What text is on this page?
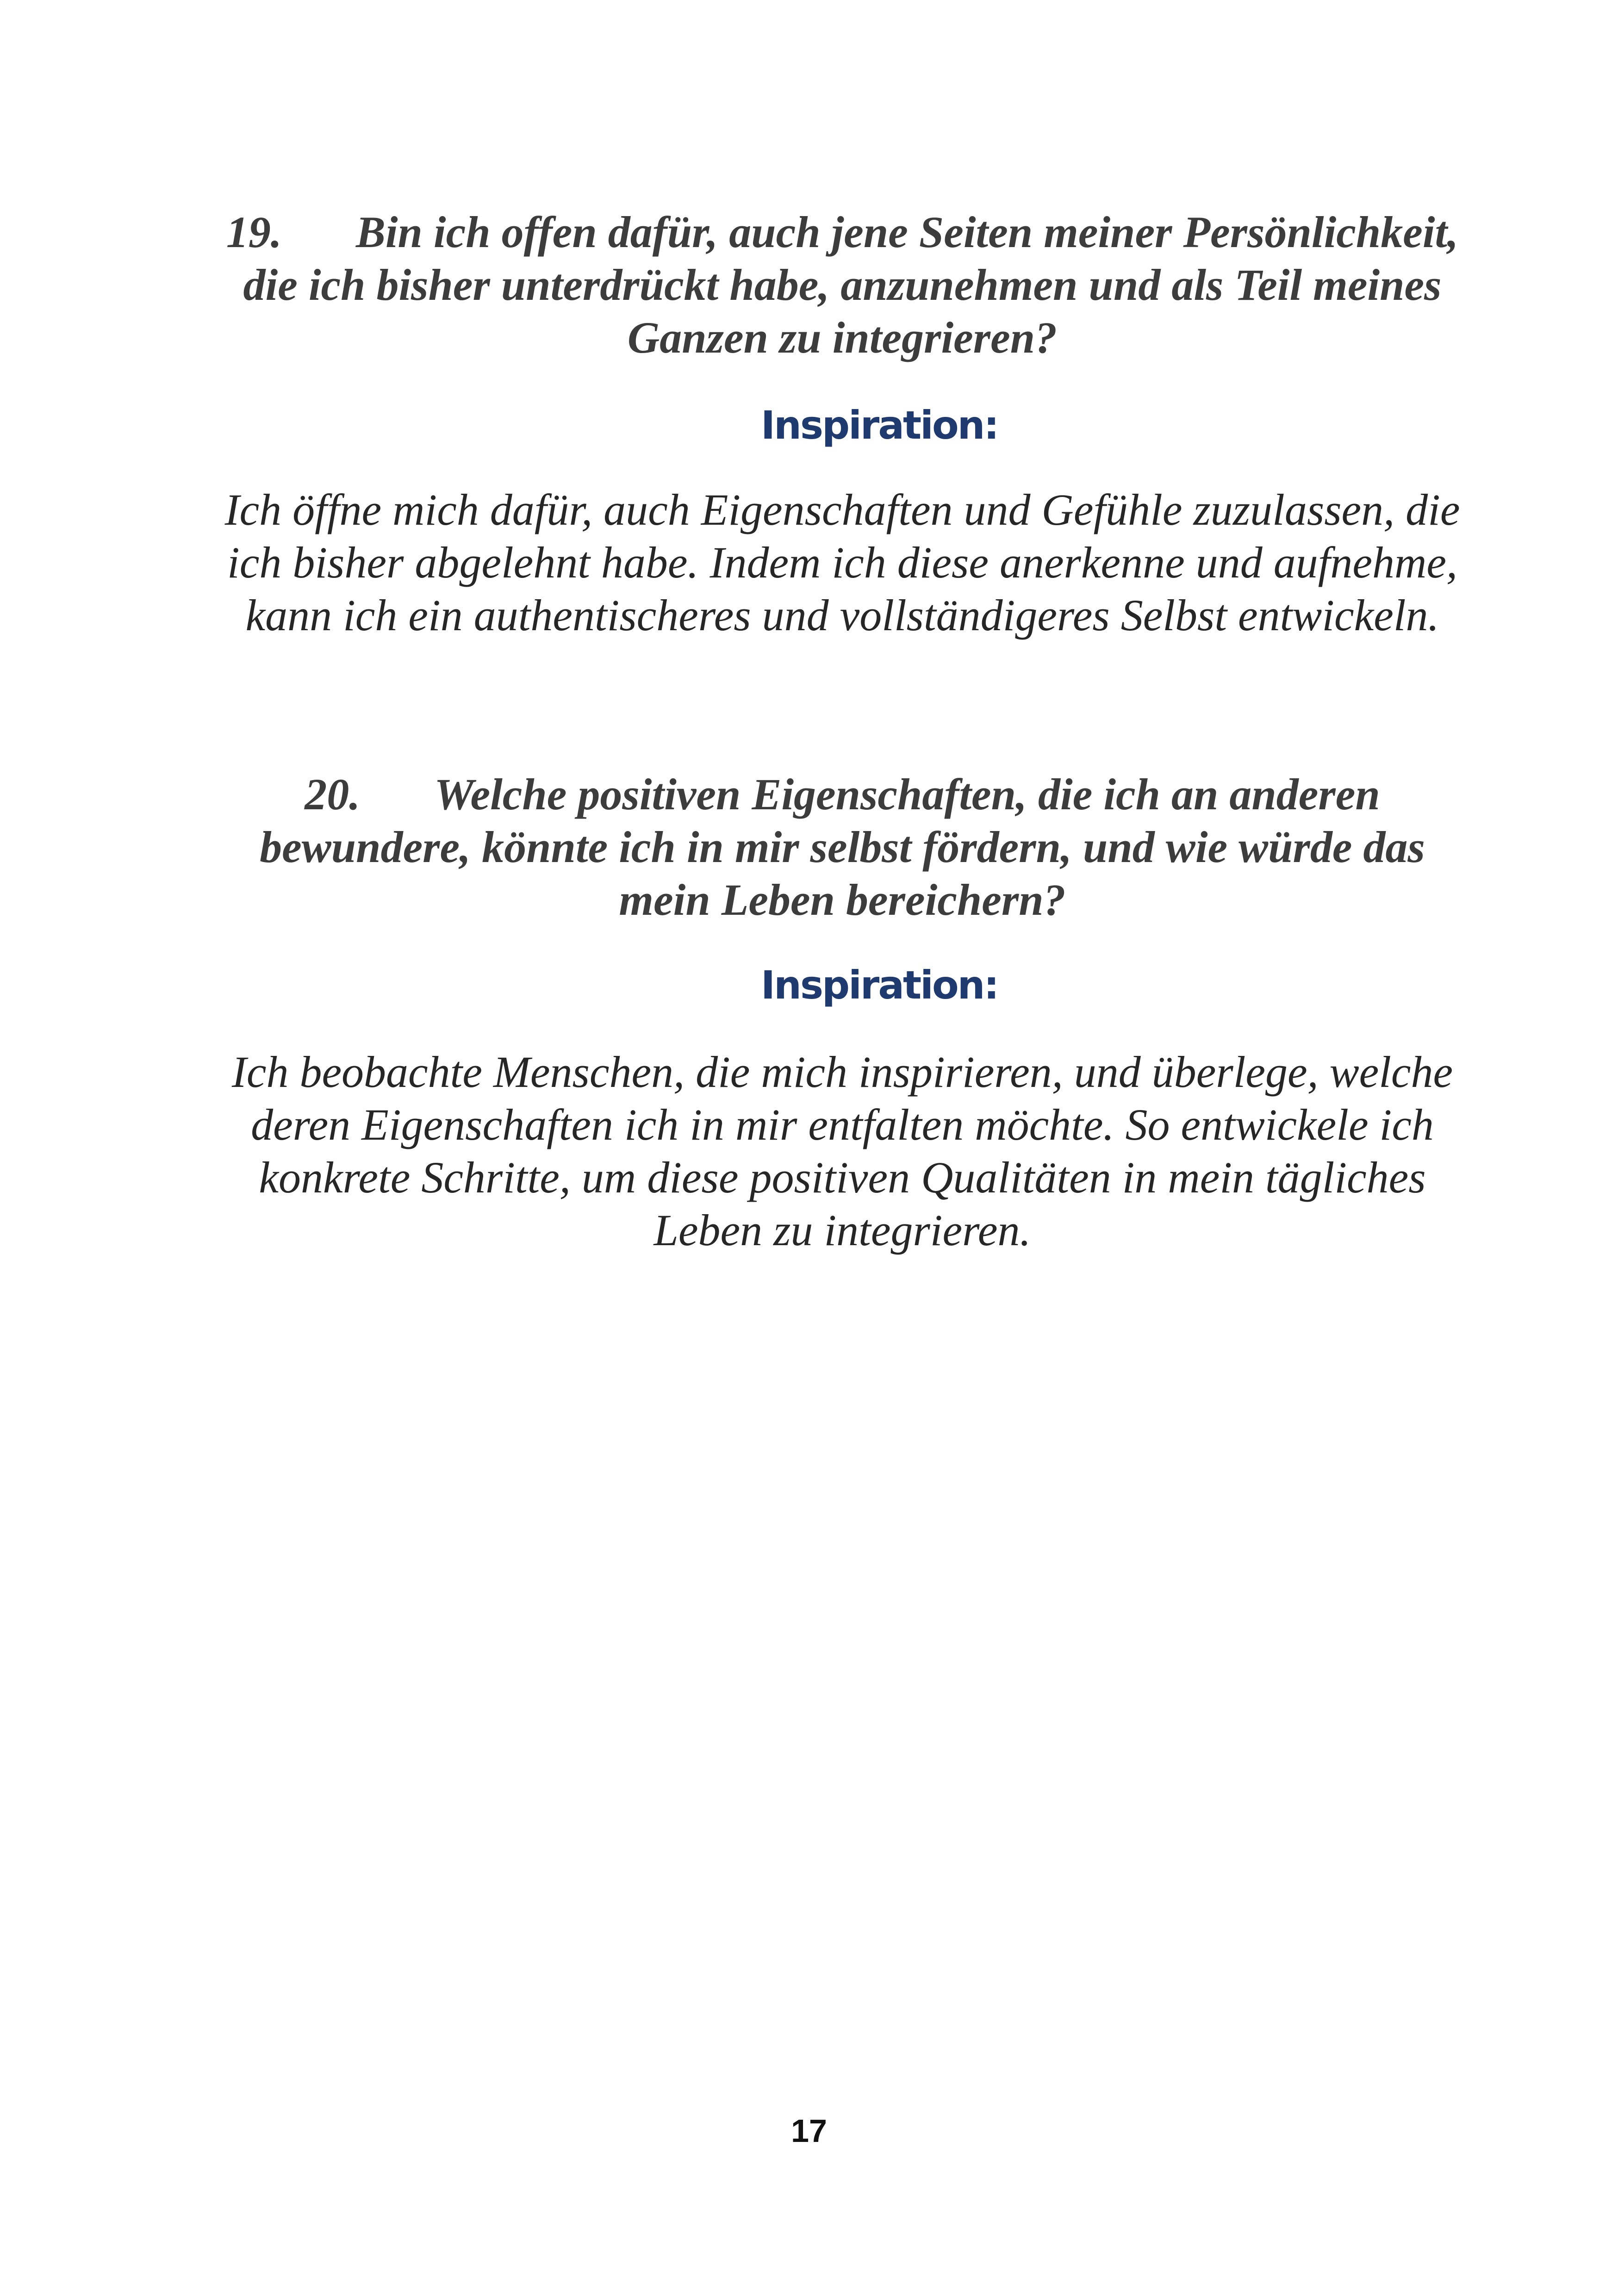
19. Bin ich offen dafür, auch jene Seiten meiner Persönlichkeit, die ich bisher unterdrückt habe, anzunehmen und als Teil meines Ganzen zu integrieren?

Inspiration:

Ich öffne mich dafür, auch Eigenschaften und Gefühle zuzulassen, die ich bisher abgelehnt habe. Indem ich diese anerkenne und aufnehme, kann ich ein authentischeres und vollständigeres Selbst entwickeln.

20. Welche positiven Eigenschaften, die ich an anderen bewundere, könnte ich in mir selbst fördern, und wie würde das mein Leben bereichern?

Inspiration:

Ich beobachte Menschen, die mich inspirieren, und überlege, welche deren Eigenschaften ich in mir entfalten möchte. So entwickele ich konkrete Schritte, um diese positiven Qualitäten in mein tägliches Leben zu integrieren.

17
